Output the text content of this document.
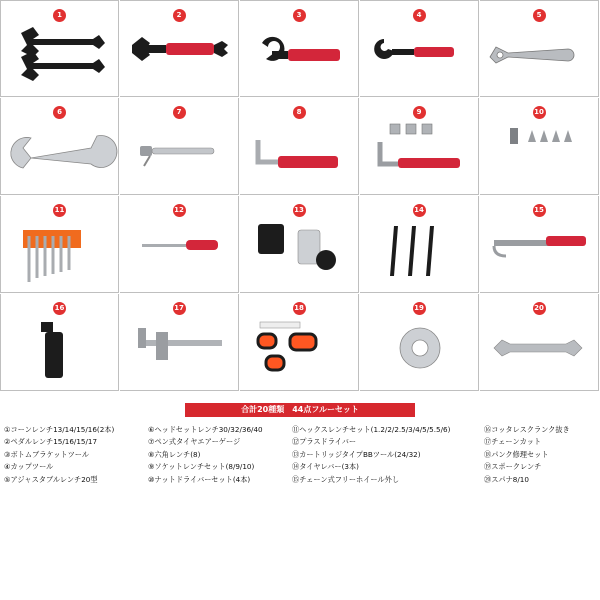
1	2	3	4	5
6	7	8	9	10
11	12	13	14	15
16	17	18	19	20
合計20種類　44点フルーセット
①コーンレンチ13/14/15/16(2本)
②ペダルレンチ15/16/15/17
③ボトムブラケットツール
④カップツール
⑤アジャスタブルレンチ20型
⑥ヘッドセットレンチ30/32/36/40
⑦ペン式タイヤエアーゲージ
⑧六角レンチ(8)
⑨ソケットレンチセット(8/9/10)
⑩ナットドライバーセット(4本)
⑪ヘックスレンチセット(1.2/2/2.5/3/4/5/5.5/6)
⑫プラスドライバー
⑬カートリッジタイプBBツール(24/32)
⑭タイヤレバー(3本)
⑮チェーン式フリーホイール外し
⑯コッタレスクランク抜き
⑰チェーンカット
⑱パンク修理セット
⑲スポークレンチ
⑳スパナ8/10
